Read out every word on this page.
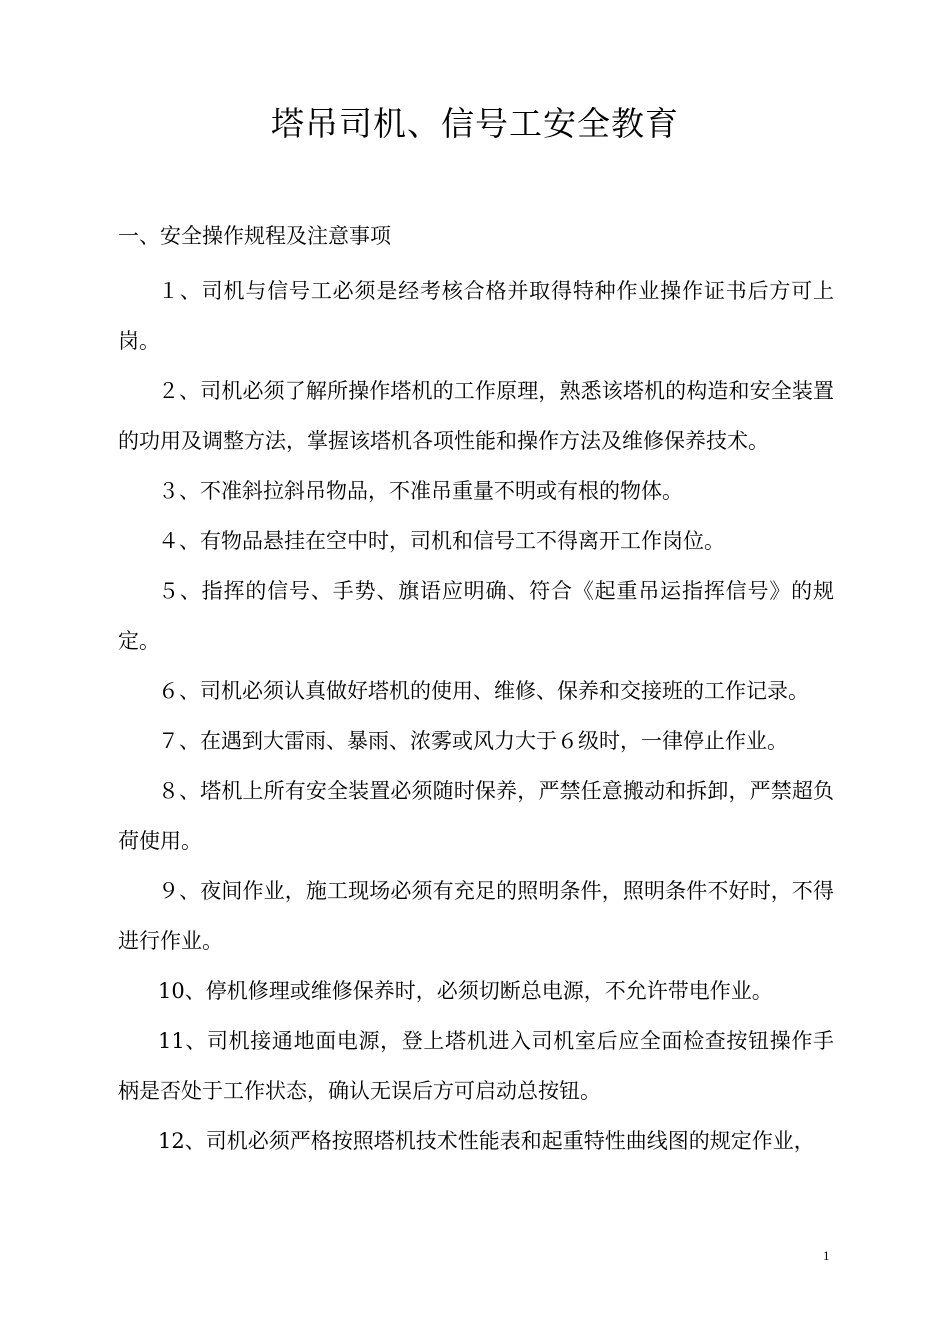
塔吊司机、信号工安全教育
一、安全操作规程及注意事项

１、司机与信号工必须是经考核合格并取得特种作业操作证书后方可上岗。

２、司机必须了解所操作塔机的工作原理，熟悉该塔机的构造和安全装置的功用及调整方法，掌握该塔机各项性能和操作方法及维修保养技术。

３、不准斜拉斜吊物品，不准吊重量不明或有根的物体。

４、有物品悬挂在空中时，司机和信号工不得离开工作岗位。

５、指挥的信号、手势、旗语应明确、符合《起重吊运指挥信号》的规定。

６、司机必须认真做好塔机的使用、维修、保养和交接班的工作记录。

７、在遇到大雷雨、暴雨、浓雾或风力大于６级时，一律停止作业。

８、塔机上所有安全装置必须随时保养，严禁任意搬动和拆卸，严禁超负荷使用。

９、夜间作业，施工现场必须有充足的照明条件，照明条件不好时，不得进行作业。

10、停机修理或维修保养时，必须切断总电源，不允许带电作业。

11、司机接通地面电源，登上塔机进入司机室后应全面检查按钮操作手柄是否处于工作状态，确认无误后方可启动总按钮。

12、司机必须严格按照塔机技术性能表和起重特性曲线图的规定作业，

1
